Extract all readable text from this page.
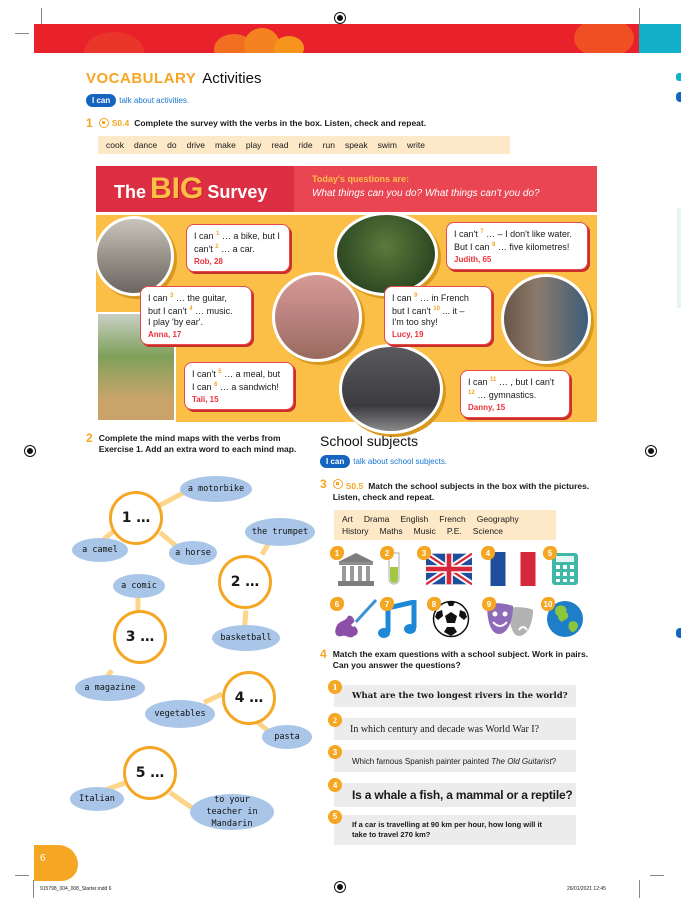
VOCABULARY Activities
I can	talk about activities.
1 S0.4 Complete the survey with the verbs in the box. Listen, check and repeat.
cook dance do drive make play read ride run speak swim write
The BIG Survey
Today's questions are:
What things can you do? What things can't you do?
I can $^1$ … a bike, but I
can't $^2$ … a car.
Rob, 28
I can't $^7$ … – I don't like water.
But I can $^8$ … five kilometres!
Judith, 65
I can $^3$ … the guitar,
but I can't $^4$ … music.
I play 'by ear'.
Anna, 17
I can $^9$ … in French
but I can't $^{10}$ ... it –
I'm too shy!
Lucy, 19
I can't $^5$ … a meal, but
I can $^6$ … a sandwich!
Tali, 15
I can $^{11}$ … , but I can't
$^{12}$ … gymnastics.
Danny, 15
2 Complete the mind maps with the verbs from Exercise 1. Add an extra word to each mind map.
1 …
2 …
3 …
4 …
5 …
a motorbike
a camel	a horse
the trumpet
basketball
a comic
a magazine
vegetables
pasta
Italian	to your teacher in Mandarin
School subjects
I can	talk about school subjects.
3	S0.5 Match the school subjects in the box with the pictures. Listen, check and repeat.
Art Drama English French Geography
History Maths Music P.E. Science
1	2	3	4	5
6	7	8	9	10
4 Match the exam questions with a school subject. Work in pairs. Can you answer the questions?
1
What are the two longest rivers in the world?
2
In which century and decade was World War I?
3
Which famous Spanish painter painted The Old Guitarist?
4
Is a whale a fish, a mammal or a reptile?
5
If a car is travelling at 90 km per hour, how long will it take to travel 270 km?
6
915798_004_008_Starter.indd 6	26/01/2021 12:45
